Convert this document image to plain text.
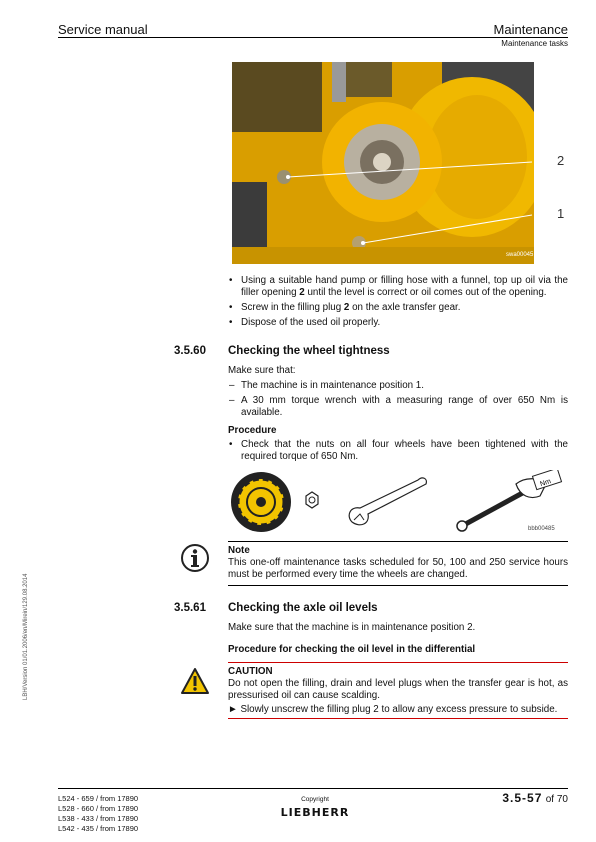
Service manual	Maintenance
Maintenance tasks
LBH/Version 01/01.2006/en/Mirein/129.08.2014
2
1
swa00045
• Using a suitable hand pump or filling hose with a funnel, top up oil via the filler opening 2 until the level is correct or oil comes out of the opening.
• Screw in the filling plug 2 on the axle transfer gear.
• Dispose of the used oil properly.
3.5.60 Checking the wheel tightness
Make sure that:
– The machine is in maintenance position 1.
– A 30 mm torque wrench with a measuring range of over 650 Nm is available.
Procedure
• Check that the nuts on all four wheels have been tightened with the required torque of 650 Nm.
Nm
bbb00485
Note
This one-off maintenance tasks scheduled for 50, 100 and 250 service hours must be performed every time the wheels are changed.
3.5.61 Checking the axle oil levels
Make sure that the machine is in maintenance position 2.
Procedure for checking the oil level in the differential
CAUTION
Do not open the filling, drain and level plugs when the transfer gear is hot, as pressurised oil can cause scalding.
► Slowly unscrew the filling plug 2 to allow any excess pressure to subside.
L524 - 659 / from 17890
L528 - 660 / from 17890
L538 - 433 / from 17890
L542 - 435 / from 17890
Copyright
LIEBHERR
3.5-57 of 70
